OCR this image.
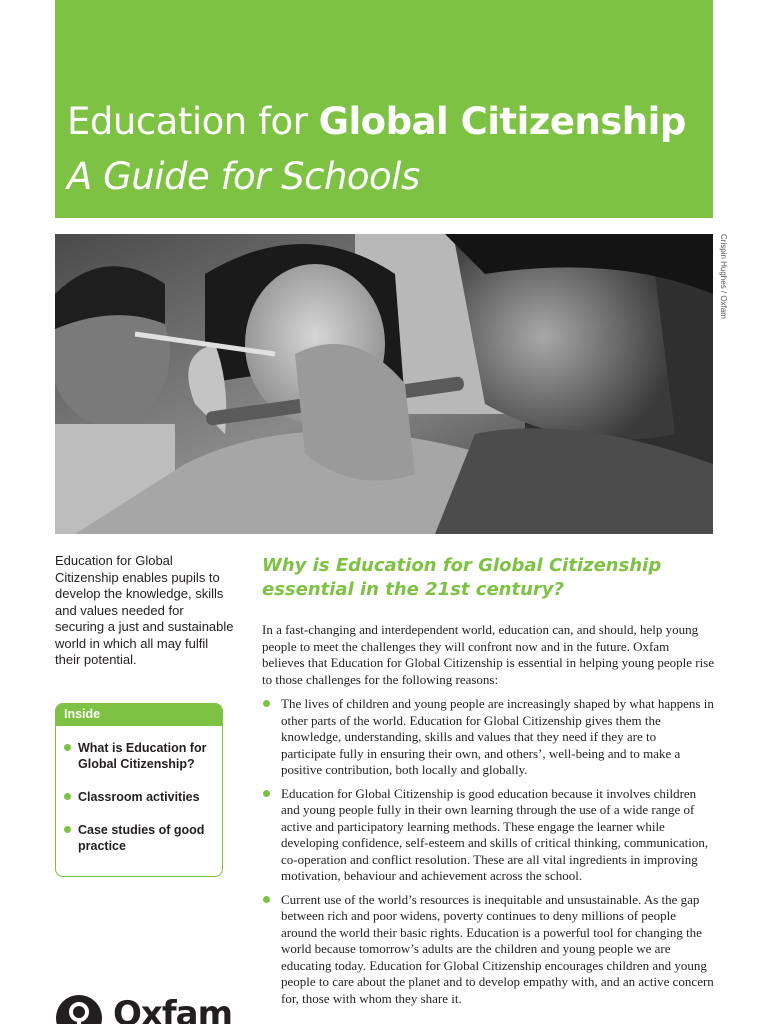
Education for Global Citizenship
A Guide for Schools
Crispin Hughes / Oxfam
Education for Global Citizenship enables pupils to develop the knowledge, skills and values needed for securing a just and sustainable world in which all may fulfil their potential.
Inside
What is Education for Global Citizenship?
Classroom activities
Case studies of good practice
Oxfam
Why is Education for Global Citizenship essential in the 21st century?

In a fast-changing and interdependent world, education can, and should, help young people to meet the challenges they will confront now and in the future. Oxfam believes that Education for Global Citizenship is essential in helping young people rise to those challenges for the following reasons:

The lives of children and young people are increasingly shaped by what happens in other parts of the world. Education for Global Citizenship gives them the knowledge, understanding, skills and values that they need if they are to participate fully in ensuring their own, and others’, well-being and to make a positive contribution, both locally and globally.
Education for Global Citizenship is good education because it involves children and young people fully in their own learning through the use of a wide range of active and participatory learning methods. These engage the learner while developing confidence, self-esteem and skills of critical thinking, communication, co-operation and conflict resolution. These are all vital ingredients in improving motivation, behaviour and achievement across the school.
Current use of the world’s resources is inequitable and unsustainable. As the gap between rich and poor widens, poverty continues to deny millions of people around the world their basic rights. Education is a powerful tool for changing the world because tomorrow’s adults are the children and young people we are educating today. Education for Global Citizenship encourages children and young people to care about the planet and to develop empathy with, and an active concern for, those with whom they share it.
